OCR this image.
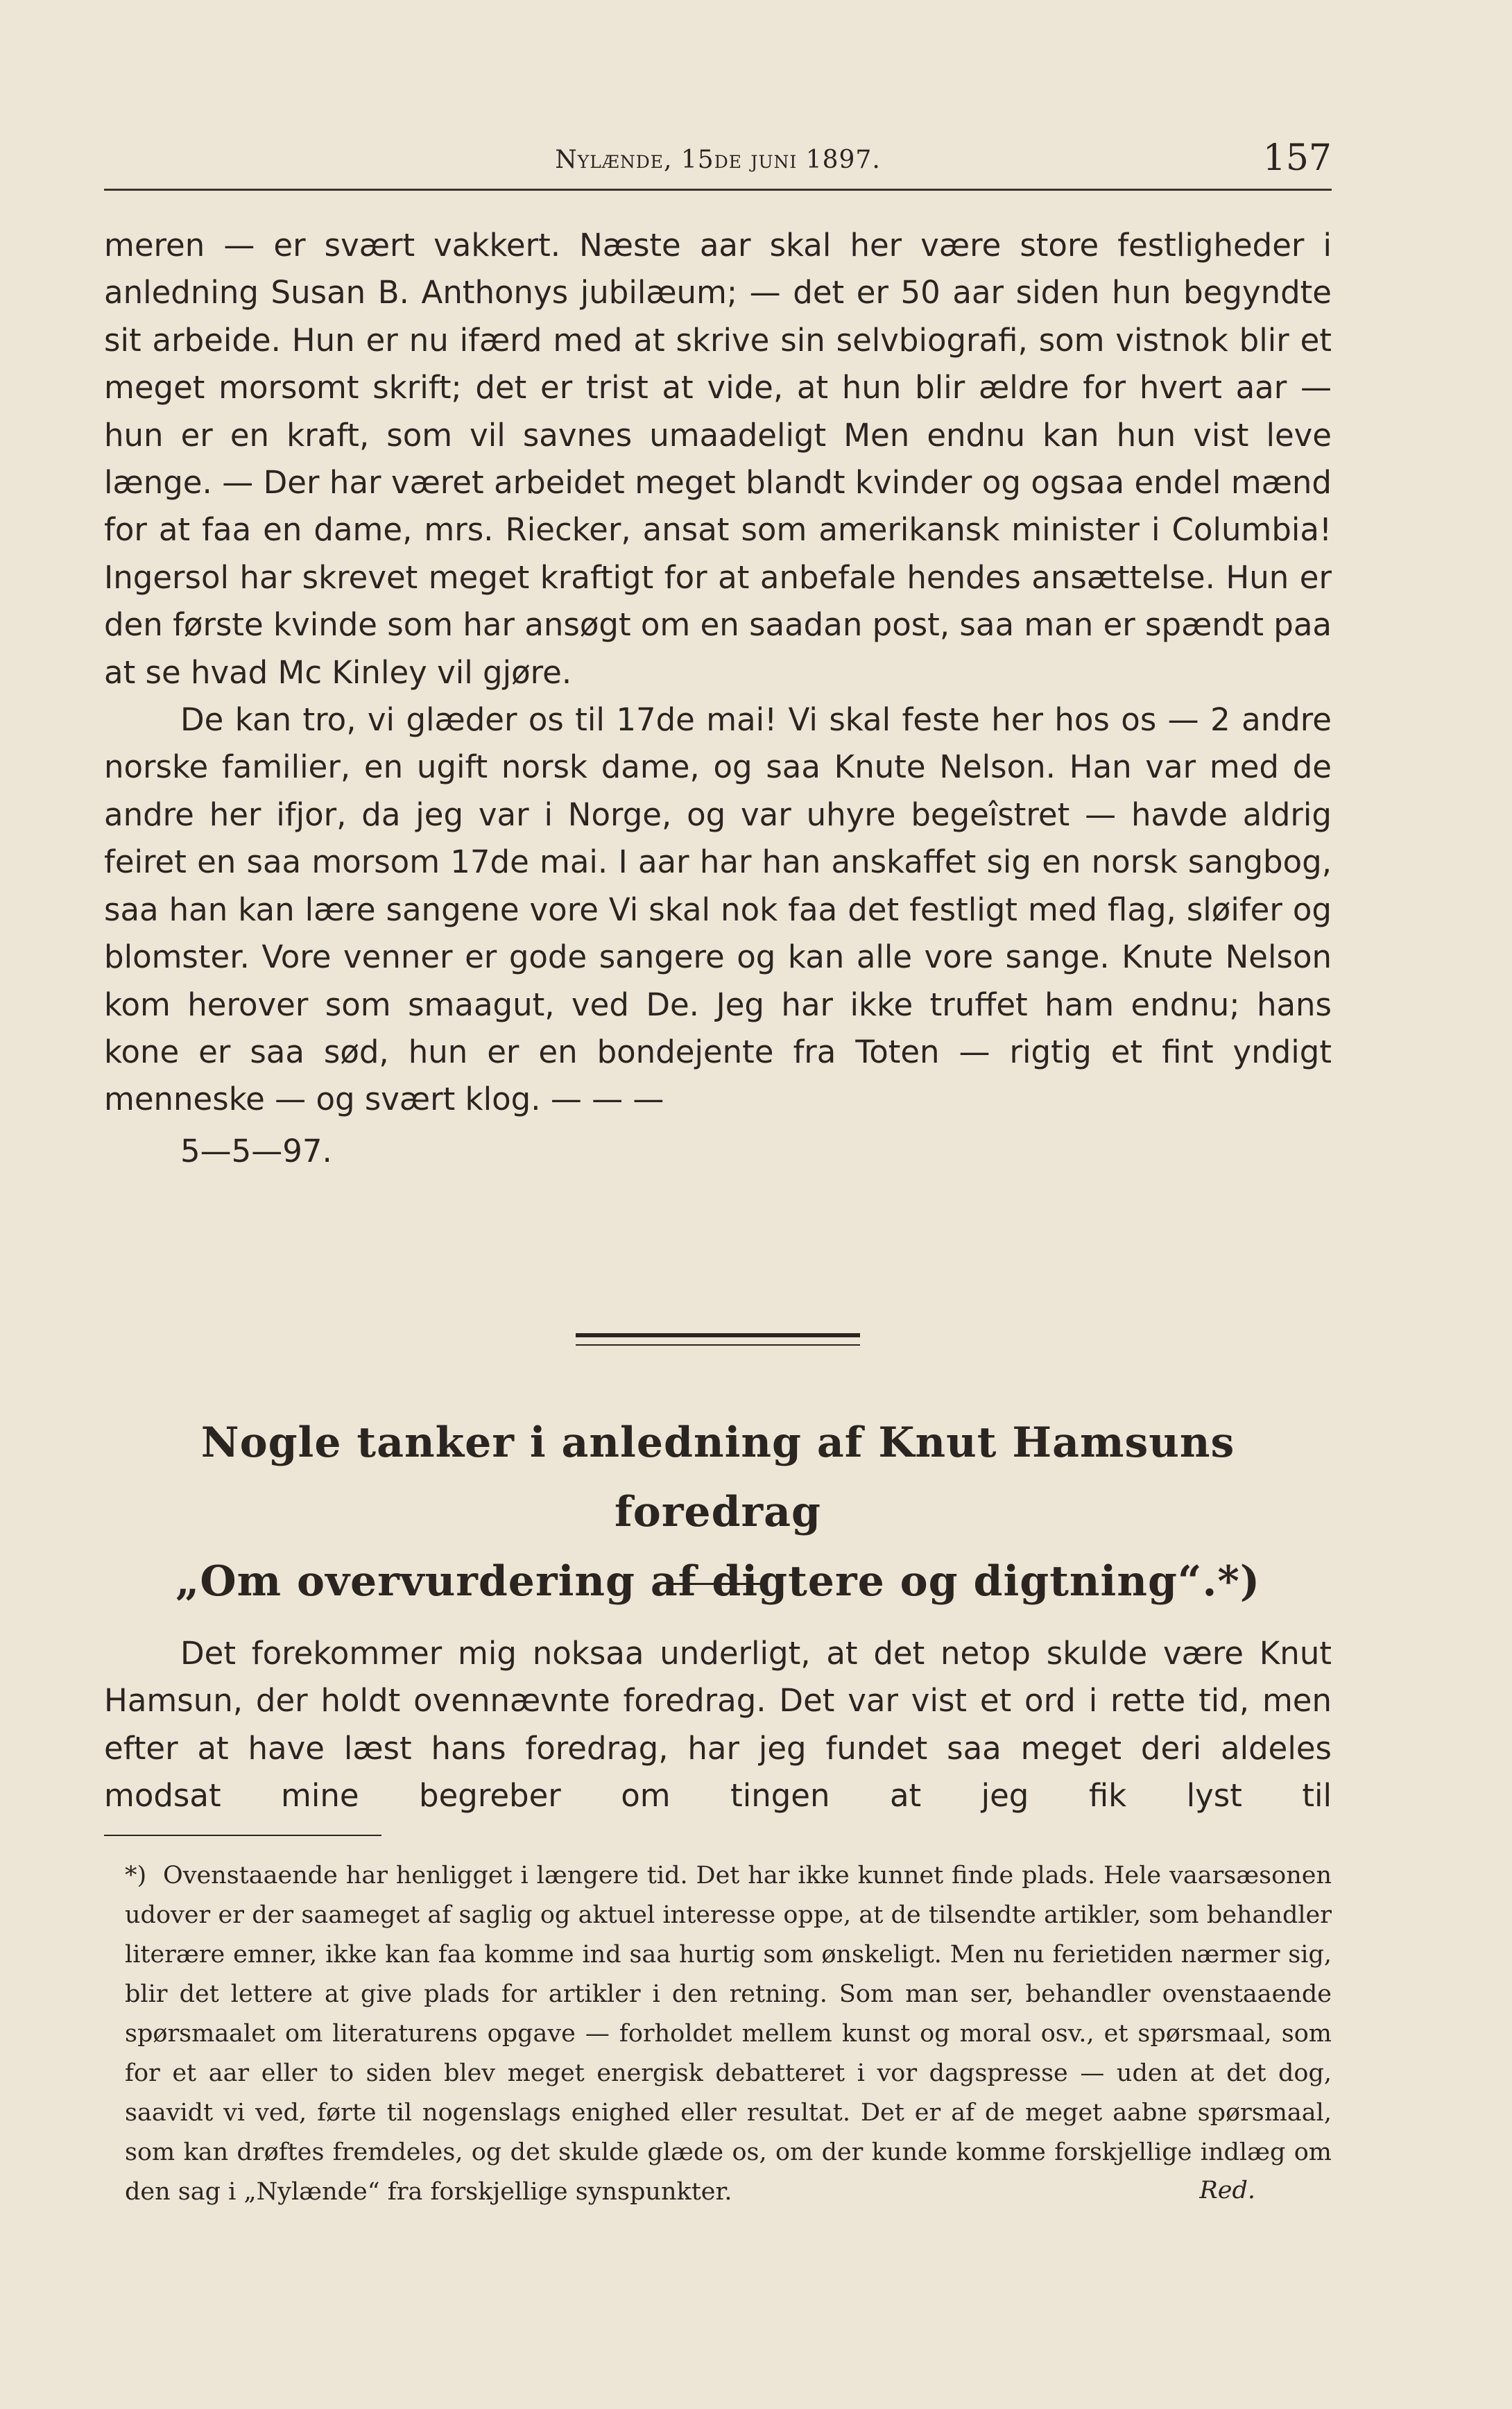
Nylænde, 15de juni 1897.	157

meren — er svært vakkert. Næste aar skal her være store festligheder i anledning Susan B. Anthonys jubilæum; — det er 50 aar siden hun begyndte sit arbeide. Hun er nu ifærd med at skrive sin selvbiografi, som vistnok blir et meget morsomt skrift; det er trist at vide, at hun blir ældre for hvert aar — hun er en kraft, som vil savnes umaadeligt Men endnu kan hun vist leve længe. — Der har været arbeidet meget blandt kvinder og ogsaa endel mænd for at faa en dame, mrs. Riecker, ansat som amerikansk minister i Columbia! Ingersol har skrevet meget kraftigt for at anbefale hendes ansættelse. Hun er den første kvinde som har ansøgt om en saadan post, saa man er spændt paa at se hvad Mc Kinley vil gjøre.

De kan tro, vi glæder os til 17de mai! Vi skal feste her hos os — 2 andre norske familier, en ugift norsk dame, og saa Knute Nelson. Han var med de andre her ifjor, da jeg var i Norge, og var uhyre begeîstret — havde aldrig feiret en saa morsom 17de mai. I aar har han anskaffet sig en norsk sangbog, saa han kan lære sangene vore Vi skal nok faa det festligt med flag, sløifer og blomster. Vore venner er gode sangere og kan alle vore sange. Knute Nelson kom herover som smaagut, ved De. Jeg har ikke truffet ham endnu; hans kone er saa sød, hun er en bondejente fra Toten — rigtig et fint yndigt menneske — og svært klog. — — —

5—5—97.

Nogle tanker i anledning af Knut Hamsuns foredrag
„Om overvurdering af digtere og digtning“.*)

Det forekommer mig noksaa underligt, at det netop skulde være Knut Hamsun, der holdt ovennævnte foredrag. Det var vist et ord i rette tid, men efter at have læst hans foredrag, har jeg fundet saa meget deri aldeles modsat mine begreber om tingen at jeg fik lyst til

*) Ovenstaaende har henligget i længere tid. Det har ikke kunnet finde plads. Hele vaarsæsonen udover er der saameget af saglig og aktuel interesse oppe, at de tilsendte artikler, som behandler literære emner, ikke kan faa komme ind saa hurtig som ønskeligt. Men nu ferietiden nærmer sig, blir det lettere at give plads for artikler i den retning. Som man ser, behandler ovenstaaende spørsmaalet om literaturens opgave — forholdet mellem kunst og moral osv., et spørsmaal, som for et aar eller to siden blev meget energisk debatteret i vor dagspresse — uden at det dog, saavidt vi ved, førte til nogenslags enighed eller resultat. Det er af de meget aabne spørsmaal, som kan drøftes fremdeles, og det skulde glæde os, om der kunde komme forskjellige indlæg om den sag i „Nylænde“ fra forskjellige synspunkter.	Red.
